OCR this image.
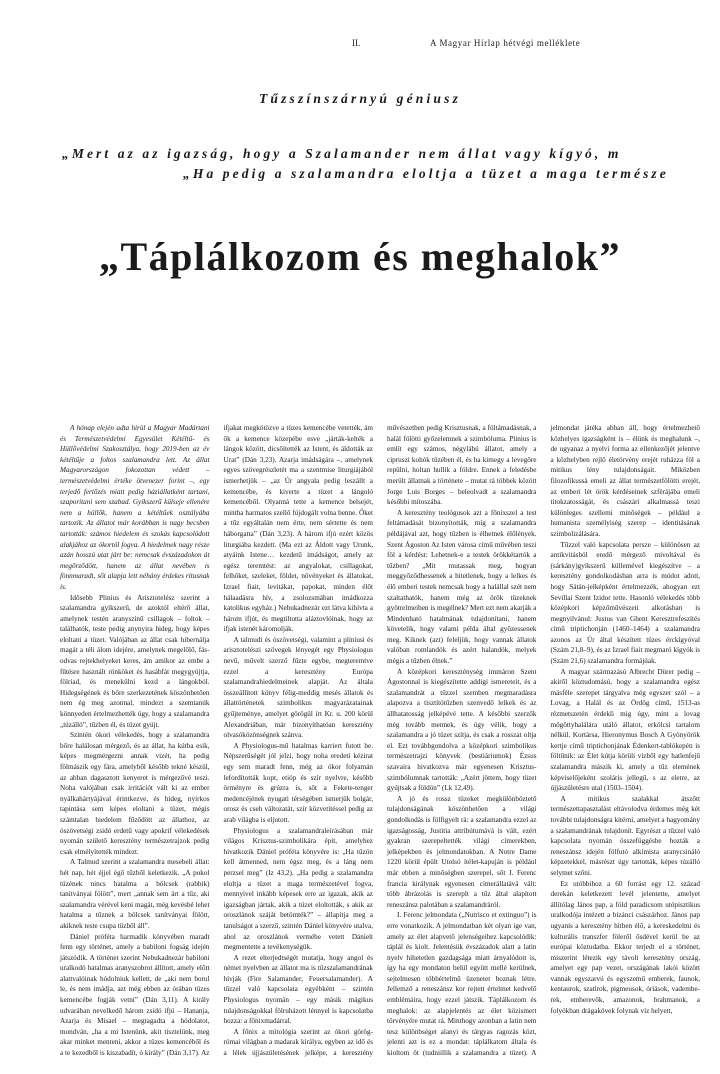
II.	A Magyar Hírlap hétvégi melléklete
Tűzszínszárnyú géniusz
„Mert az az igazság, hogy a Szalamander nem állat vagy kígyó, m
„Ha pedig a szalamandra eloltja a tüzet a maga természe
„Táplálkozom és meghalok”

A hónap elején adta hírül a Magyar Madártani és Természetvédelmi Egyesület Kétéltű- és Hüllővédelmi Szakosztálya, hogy 2019-ben az év kétéltűje a foltos szalamandra lett. Az állat Magyarországon fokozottan védett – természetvédelmi értéke ötvenezer forint –, egy terjedő fertőzés miatt pedig háziállatként tartani, szaporítani sem szabad. Gyíkszerű külseje ellenére nem a hüllők, hanem a kétéltűek osztályába tartozik. Az állatot már korábban is nagy becsben tartották: számos hiedelem és szokás kapcsolódott alakjához az ókortól fogva. A hiedelmek nagy része azán hosszú utat járt be: nemcsak évszázadokon át megőrződött, hanem az állat nevében is fönnmaradt, sőt alapja lett néhány érdekes rítusnak is.

Idősebb Plinius és Arisztotelész szerint a szalamandra gyíkszerű, de azoktól eltérő állat, amelynek testén aranyszínű csillagok – foltok – találhatók, teste pedig anynyira hideg, hogy képes eloltani a tüzet. Valójában az állat csak hibernálja magát a téli álom idejére, amelynek megelőlő, fás-odvas rejtekhelyeket keres, ám amikor az embe a fűtésre használt rönköket és hasábfát megygyújtja, fölriad, és menekülni kezd a lángokból. Hidegségének és bőre szerkezetének köszönhetően nem ég meg azonnal, mindezt a szemtanúk könnyeden értelmezhették úgy, hogy a szalamandra „túzálló”, tűzben él, és tüzet gyújt.

Szintén ókori vélekedés, hogy a szalamandra bőre halálosan mérgező, és az állat, ha kútba esik, képes megmérgezni annak vizét, ha pedig fölmászik egy fára, amelyből később tekné készül, az abban dagasztott kenyeret is mérgezővé teszi. Noha valójában csak irritációt vált ki az ember nyálkahártyájával érintkezve, és hideg, nyirkos tapintása sem képes eloltani a tüzet, mégis számtalan hiedelem fűződött az állathoz, az ószövetségi zsidó erdetű vagy apokrif vélekedések nyomán születő keresztény természetrajzok pedig csak elmélyítették mindezt.

A Talmud szerint a szalamandra mesebeli állat: hét nap, hét éjjel égő tűzből keletkezik. „A pokol tüzének nincs hatalma a bölcsek (rabbik) tanítványai fölött”, mert „annak sem árt a tűz, aki szalamandra vérével keni magát, még kevésbé lehet hatalma a tűznek a bölcsek tanítványai fölött, akiknek teste csupa tűzből áll”.

Dániel próféta harmadik könyvében maradt fenn egy történet, amely a babiloni fogság idején játszódik. A történet szerint Nebukadnezár babiloni uralkodó hatalmas aranyszobrot állított, amely előtt alattvalóinak hódolniuk kellett, de „aki nem borul le, és nem imádja, azt még ebben az órában tüzes kemencébe fogják vetni” (Dán 3,11). A király udvarában nevelkedő három zsidó ifjú – Hananja, Azarja és Misael – megtagadta a hódolatot, mondván, „ha a mi Istenünk, akit tisztelünk, meg akar minket menteni, akkor a tüzes kemencéből és a te kezedből is kiszabadít, ó király” (Dán 3,17). Az ifjakat megkötözve a tüzes kemencébe vetették, ám ők a kemence közepébe esve „járták-kelték a lángok között, dicsőítették az Istent, és áldották az Urat” (Dán 3,23). Azarja imádságára –, amelynek egyes szövegrészletét ma a szentmise liturgiájából ismerhetjük – „az Úr angyala pedig leszállt a kemencébe, és kiverte a tüzet a lángoló kemencéből. Olyanná tette a kemence belsejét, mintha harmatos szellő fújdogált volna benne. Őket a tűz egyáltalán nem érte, nem sértette és nem háborgatta” (Dán 3,23). A három ifjú ezért közös liturgiába kezdett. (Ma ezt az Áldott vagy Urunk, atyáink Istene… kezdetű imádságot, amely az egész teremtést: az angyalokat, csillagokat, felhőket, szeleket, földet, növényeket és állatokat, Izrael fiait, levitákat, papokat, minden élőt hálaadásra hív, a zsolozsmában imádkozza katolikus egyház.) Nebukadnezár ezt látva kihívta a három ifjút, és megtiltotta aláztovlóinak, hogy az ifjak istenét káromolják.

A talmudi és ószövetségi, valamint a plíniusi és arisztotelészi szövegek lényegét egy Physiologus nevű, művelt szerző fűzte egybe, megteremtve ezzel a keresztény Európa szalamandrahiedelmeinek alapját. Az általa összeállított könyv félig-meddig mesés állatok és állattörténetek szimbolikus magyarázatainak gyűjteménye, amelyet görögül írt Kr. u. 200 körül Alexandriában, már bizonyíthatóan keresztény olvasóközönségnek szánva.

A Physiologus-mű hatalmas karriert futott be. Népszerűségét jól jelzi, hogy noha eredeti kézirat egy sem maradt fenn, még az ókor folyamán lefordították kopt, etióp és szír nyelvre, később örményre és grúzra is, sőt a Fekete-tenger medencéjének nyugati térségében ismerjük bolgár, orosz és cseh változatát, szír közvetítéssel pedig az arab világba is eljutott.

Physiologus a szalamandraleírásában már világos Krisztus-szimbolikára épít, amelyhez hivatkozik Dániel próféta könyvére is: „Ha tűzön kell átmenned, nem égsz meg, és a láng nem perzsel meg” (Iz 43,2). „Ha pedig a szalamandra eloltja a tüzet a maga természetével fogva, mennyivel inkább képesek erre az igazak, akik az igazságban jártak, akik a tüzet eloltották, s akik az oroszlánok száját betömték?” – állapítja meg a tanulságot a szerző, szintén Dániel könyvére utalva, ahol az oroszlánok vermébe vetett Dánielt megmentette a tevékenységük.

A rezet elterjedtségét mutatja, hogy angol és német nyelvben az állatot ma is tűzszalamandrának hívják (Fire Salamander, Feuersalamander). A tűzzel való kapcsolata egyébként – szintén Physiologus nyomán – egy másik mágikus tulajdonságokkal fölruházott lénnyel is kapcsolatba hozza: a főnixmadárral.

A főnix a mitológia szerint az ókori görög-római világban a madarak királya, egyben az idő és a lélek újjászületésének jelképe, a keresztény művészetben pedig Krisztusnak, a föltámadásnak, a halál fölötti győzelemnek a szimbóluma. Plinius is említ egy számos, négylábú állatot, amely a cipruszi kohók tüzében él, és ha kimegy a levegőre repülni, holtan hullik a földre. Ennek a feledésbe merült állatnak a története – mutat rá többek között Jorge Luis Borges – beleolvadt a szalamandra későbbi mítoszába.

A keresztény teológusok azt a főnixszel a test feltámadását bizonyították, míg a szalamandra példájával azt, hogy tűzben is élhetnek élőlények. Szent Ágoston Az Isten városa című művében teszi föl a kérdést: Lehetnek-e a testek örökkétartók a tűzben? „Mit mutassak meg, hogyan meggyőződhessenek a hitetlenek, hogy a lelkes és élő emberi testek nemcsak hogy a halállal szét nem szaltathatók, hanem még az örök tüzeknek gyötrelmeiben is megélnek? Mert ezt nem akarják a Mindenható hatalmának tulajdonítani, hanem követelik, hogy valami példa által győzessenek meg. Kiknek (azt) feleljük, hogy vannak állatok valóban romlandók és azért halandók, melyek mégis a tűzben élnek.”

A középkori kereszténység immáron Szent Ágostonnal is kiegészítette addigi ismereteit, és a szalamandrát a tűzzel szemben megmaradásra alapozva a tisztítótűzben szenvedő lelkek és az állhatatosság jelképévé tette. A későbbi szerzők még tovább mennek, és úgy vélik, hogy a szalamandra a jó tüzet szítja, és csak a rosszat oltja el. Ezt továbbgondolva a középkori szimbolikus természetrajzi könyvek (bestiáriumok) Ézsus szavaira hivatkozva már egyenesen Krisztus-szimbólumnak tartották: „Azért jöttem, hogy tüzet gyújtsak a földön” (Lk 12,49).

A jó és rossz tüzeket megkülönböztető tulajdonságának köszönhetően a világi gondolkodás is fölfigyelt rá: a szalamandra ezzel az igazságosság, Justitia attribútumává is vált, ezért gyakran szerepeltették világi címerekben, jelképekben és jelmondatokban. A Notre Dame 1220 körül épült Utolsó ítélet-kapuján is például már ebben a minőségben szerepel, sőt I. Ferenc francia királynak egyenesen címerállatává vált: több ábrázolás is szereplt a tűz által alapított reneszánsz palotában a szalamandráról.

I. Ferenc jelmondata („Nutrisco et extinguo”) is erre vonatkozik. A jelmondatban két olyan ige van, amely az élet alapvető jelenségeihez kapcsolódik: táplál és kiolt. Jelentésük évszázadok alatt a latin nyelv hihetetlen gazdagsága miatt árnyalódott is, így ha egy mondaton belül együtt mellé kerülnek, sejtelmesen többértelmű üzenetet hoznak létre. Jellemző a reneszánsz kor rejtett értelmet kedvelő emblémáira, hogy ezzel játszik. Táplálkozom és meghalok: az alapjelentés az élet közismert törvényére mutat rá. Minthogy azonban a latin nem tesz különbséget alanyi és tárgyas ragozás közt, jelenti azt is ez a mondat: táplálkatom általa és kioltom őt (tudniillik a szalamandra a tüzet). A jelmondat játéka abban áll, hogy értelmezhető közhelyes igazságként is – élünk és meghalunk –, de ugyanaz a nyelvi forma az ellenkezőjét jelentve a közhelyben rejlő életörvény erejét ruházza föl a mitikus lény tulajdonságait. Miközben filozofikussá emeli az állat természetfölötti erejét, az emberi lét örök kérdéseinek szférájába emeli titokzatosságát, és császári alkalmassá teszi különleges szellemi minőségek – például a humanista személyiség szerep – identitásának szimbolizálására.

Tűzzel való kapcsolata persze – különösen az antikvitásból eredő mérgező mivoltával és (sárkány)gyíkszerű külleméveI kiegészítve – a keresztény gondolkodásban arra is módot adott, hogy Sátán-jelképként értelmezzék, ahogyan ezt Sevillai Szent Izidor tette. Hasonló vélekedés több középkori képzőművészeti alkotásban is megnyilvánul: Justus van Ghent Keresztrefeszítés című triptichonján (1460–1464) a szalamandra azonos az Úr által készített tüzes érckígyóval (Szám 21,8–9), és az Izrael fiait megmaró kígyók is (Szám 21,6) szalamandra formájúak.

A magyar származású Albrecht Dürer pedig – akiről köztudomású, hogy a szalamandra egész másféle szerepet tárgyalva még egyszer szól – a Lovag, a Halál és az Ördög című, 1513-as rézmetszetén érdekli mig úgy, mint a lovag mögöttyhalálára utáló állatot, erkölcsi tartalom nélkül. Kortársa, Hieronymus Bosch A Gyönyörök kertje című triptichonjának Édenkert-tablókepén is föltűnik: az Élet kútja körüli vízből egy hatlenfejű szalamandra mászik ki, amely a tűz elemének képviselőjeként szoláris jellegű, s az eletre, az újjászületésre utal (1503–1504).

A mitikus szalakkal átszőtt természettapasztalást eltávolodva érdemes még két további tulajdonságra kitérni, amelyet a hagyomány a szalamandrának tulajdonít. Egyrészt a tűzzel való kapcsolata nyomán összefüggésbe hozták a reneszánsz idején fölfutó alkimista aranycsináló képzetekkel, másrészt úgy tartották, képes túzálló selymet szőni.

Ez utóbbihoz a 60 forrást egy 12. század derekán keletkezett levél jelentette, amelyet állítólag János pap, a föld paradicsom utópisztikus uralkodója intézett a bizánci császárhoz. János pap ugyanis a keresztény hitben élő, a kereskedelmi és kulturális transzfer föleről ősdével kerül be az európai köztudatba. Ekkor terjedt el a történet, miszerint létezik egy távoli keresztény ország, amelyet egy pap vezet, országának lakói között vannak egyszarvú és egyszemű emberek, faunok, kentaurok, szatírok, pigmeusok, óriások, vademberek, emberevők, amazonok, brahmanok, a folyókban drágakövek folynak víz helyett,
